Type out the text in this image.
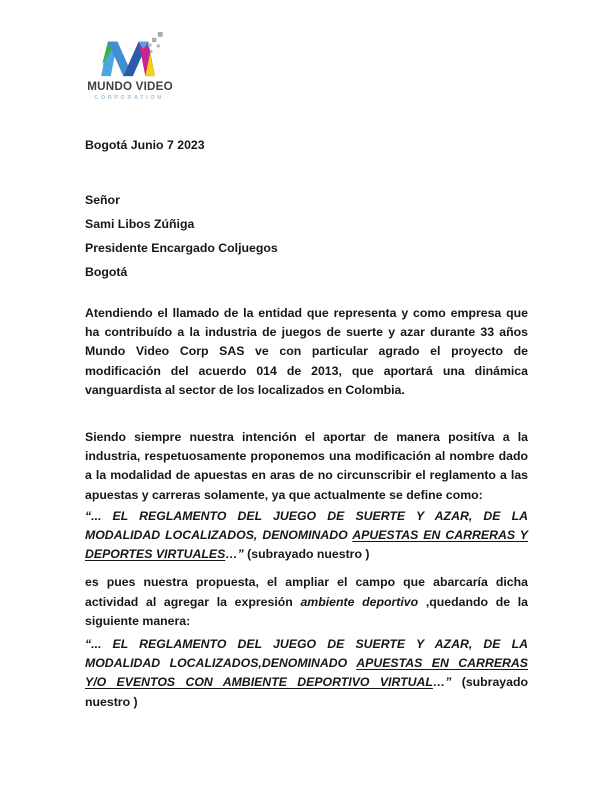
MUNDO VIDEO
CORPORATION

Bogotá Junio 7 2023

Señor

Sami Libos Zúñiga

Presidente Encargado Coljuegos

Bogotá

Atendiendo el llamado de la entidad que representa y como empresa que ha contribuído a la industria de juegos de suerte y azar durante 33 años Mundo Video Corp SAS ve con particular agrado el proyecto de modificación del acuerdo 014 de 2013, que aportará una dinámica vanguardista al sector de los localizados en Colombia.

Siendo siempre nuestra intención el aportar de manera positíva a la industria, respetuosamente proponemos una modificación al nombre dado a la modalidad de apuestas en aras de no circunscribir el reglamento a las apuestas y carreras solamente, ya que actualmente se define como:

“... EL REGLAMENTO DEL JUEGO DE SUERTE Y AZAR, DE LA MODALIDAD LOCALIZADOS, DENOMINADO APUESTAS EN CARRERAS Y DEPORTES VIRTUALES…” (subrayado nuestro )

es pues nuestra propuesta, el ampliar el campo que abarcaría dicha actividad al agregar la expresión ambiente deportivo ,quedando de la siguiente manera:

“... EL REGLAMENTO DEL JUEGO DE SUERTE Y AZAR, DE LA MODALIDAD LOCALIZADOS,DENOMINADO APUESTAS EN CARRERAS Y/O EVENTOS CON AMBIENTE DEPORTIVO VIRTUAL…” (subrayado nuestro )
